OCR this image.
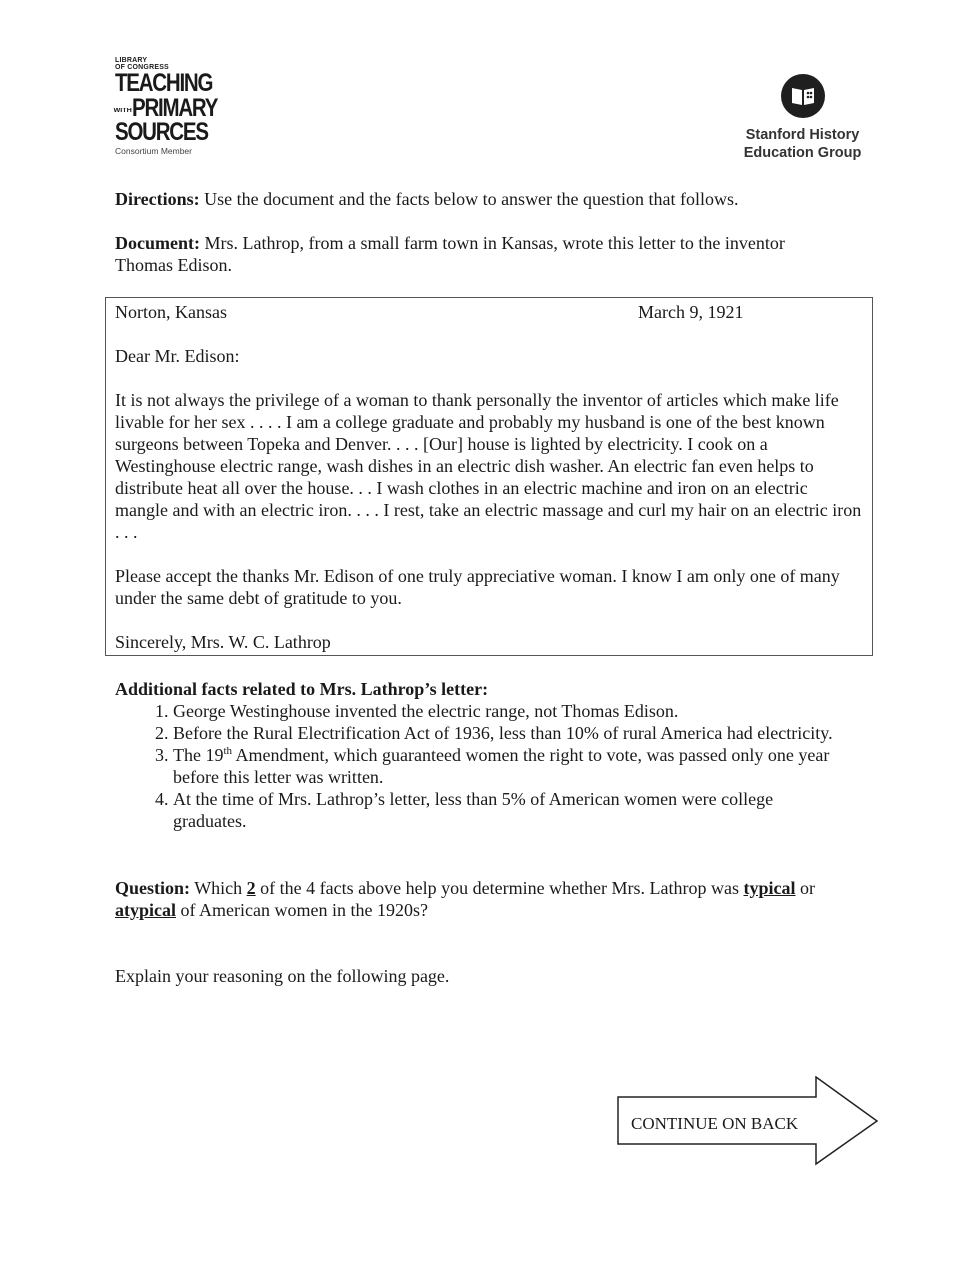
LIBRARY
OF CONGRESS
TEACHING
WITHPRIMARY
SOURCES
Consortium Member
Stanford History
Education Group
Directions: Use the document and the facts below to answer the question that follows.
Document: Mrs. Lathrop, from a small farm town in Kansas, wrote this letter to the inventor Thomas Edison.
Norton, Kansas	March 9, 1921
Dear Mr. Edison:
It is not always the privilege of a woman to thank personally the inventor of articles which make life livable for her sex . . . . I am a college graduate and probably my husband is one of the best known surgeons between Topeka and Denver. . . . [Our] house is lighted by electricity. I cook on a Westinghouse electric range, wash dishes in an electric dish washer. An electric fan even helps to distribute heat all over the house. . . I wash clothes in an electric machine and iron on an electric mangle and with an electric iron. . . . I rest, take an electric massage and curl my hair on an electric iron . . .
Please accept the thanks Mr. Edison of one truly appreciative woman. I know I am only one of many under the same debt of gratitude to you.
Sincerely, Mrs. W. C. Lathrop
Additional facts related to Mrs. Lathrop’s letter:
1. George Westinghouse invented the electric range, not Thomas Edison.
2. Before the Rural Electrification Act of 1936, less than 10% of rural America had electricity.
3. The 19th Amendment, which guaranteed women the right to vote, was passed only one year before this letter was written.
4. At the time of Mrs. Lathrop’s letter, less than 5% of American women were college graduates.
Question: Which 2 of the 4 facts above help you determine whether Mrs. Lathrop was typical or atypical of American women in the 1920s?
Explain your reasoning on the following page.
CONTINUE ON BACK
